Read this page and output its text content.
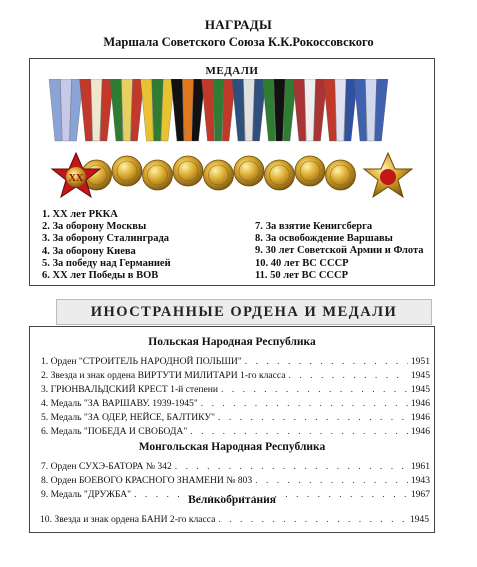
НАГРАДЫ
Маршала Советского Союза К.К.Рокоссовского
МЕДАЛИ
XX
1. XX лет РККА
2. За оборону Москвы
3. За оборону Сталинграда
4. За оборону Киева
5. За победу над Германией
6. XX лет Победы в ВОВ
7. За взятие Кенигсберга
8. За освобождение Варшавы
9. 30 лет Советской Армии и Флота
10. 40 лет ВС СССР
11. 50 лет ВС СССР
ИНОСТРАННЫЕ ОРДЕНА И МЕДАЛИ
Польская Народная Республика
1. Орден "СТРОИТЕЛЬ НАРОДНОЙ ПОЛЬШИ" . . .	1951
2. Звезда и знак ордена ВИРТУТИ МИЛИТАРИ 1-го класса . . .	1945
3. ГРЮНВАЛЬДСКИЙ КРЕСТ 1-й степени . . .	1945
4. Медаль "ЗА ВАРШАВУ. 1939-1945" . . .	1946
5. Медаль "ЗА ОДЕР, НЕЙСЕ, БАЛТИКУ" . . .	1946
6. Медаль "ПОБЕДА И СВОБОДА" . . .	1946
Монгольская Народная Республика
7. Орден СУХЭ-БАТОРА № 342 . . .	1961
8. Орден БОЕВОГО КРАСНОГО ЗНАМЕНИ № 803 . . .	1943
9. Медаль "ДРУЖБА" . . .	1967
Великобритания
10. Звезда и знак ордена БАНИ 2-го класса . . .	1945
